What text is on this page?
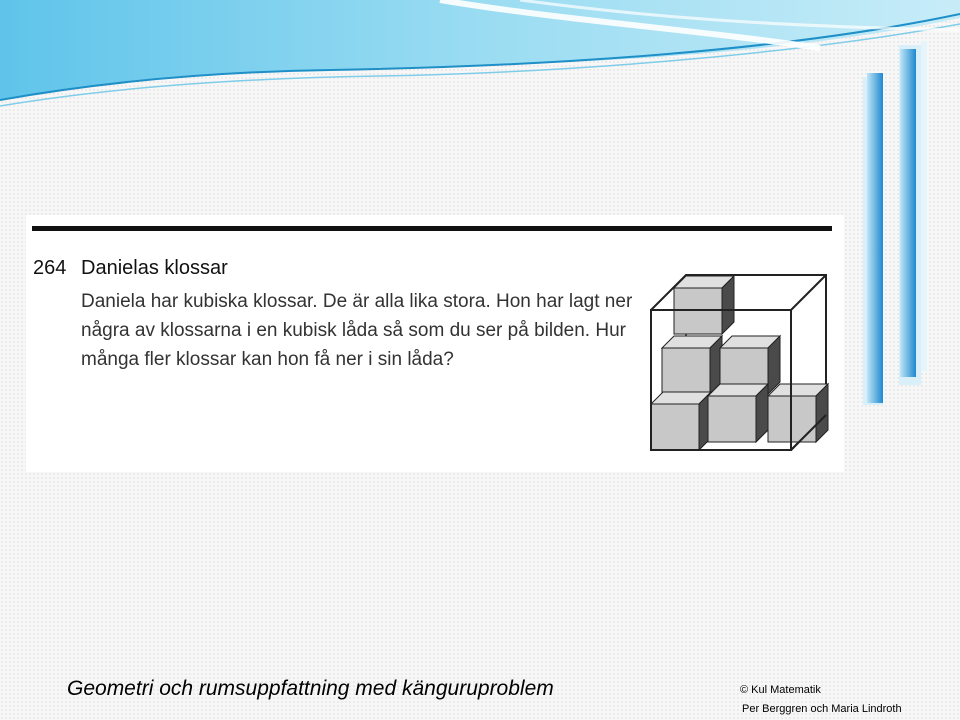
264 Danielas klossar
Daniela har kubiska klossar. De är alla lika stora. Hon har lagt ner några av klossarna i en kubisk låda så som du ser på bilden. Hur många fler klossar kan hon få ner i sin låda?
Geometri och rumsuppfattning med känguruproblem	© Kul Matematik
Per Berggren och Maria Lindroth
